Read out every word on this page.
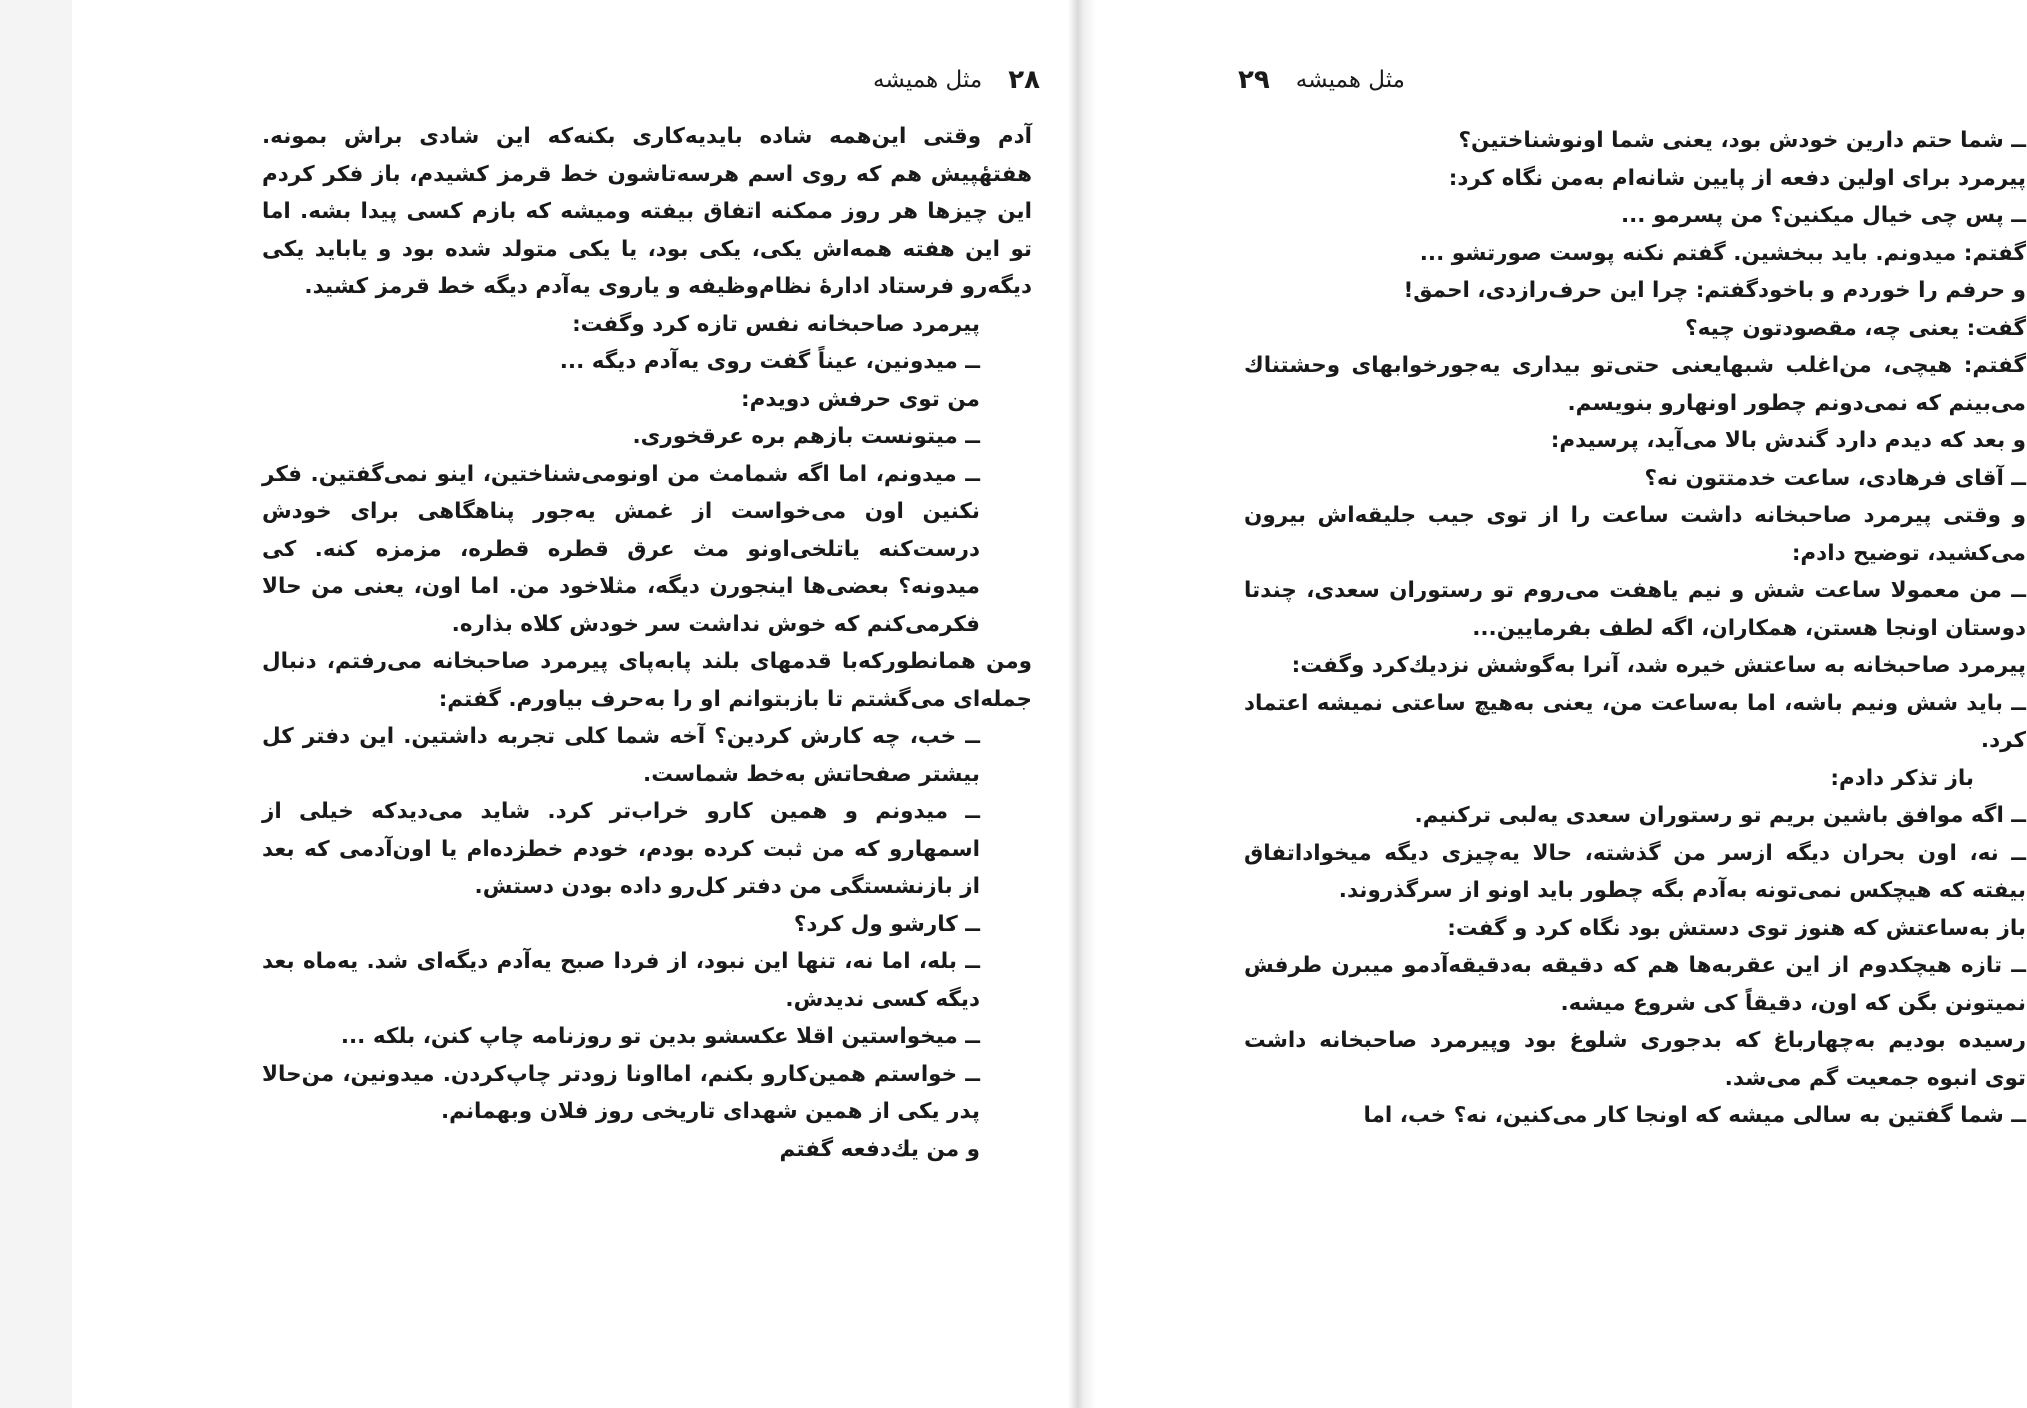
۲۸
مثل همیشه

آدم وقتی این‌همه شاده بایدیه‌کاری بکنه‌که این شادی براش بمونه. هفتهٔپیش هم که روی اسم هرسه‌تاشون خط قرمز کشیدم، باز فکر کردم این چیزها هر روز ممکنه اتفاق بیفته ومیشه که بازم کسی پیدا بشه. اما تو این هفته همه‌اش یکی، یکی بود، یا یکی متولد شده بود و یاباید یکی دیگه‌رو فرستاد ادارهٔ نظام‌وظیفه و یاروی یه‌آدم دیگه خط قرمز کشید.

پیرمرد صاحبخانه نفس تازه کرد وگفت:

ــ میدونین، عیناً گفت روی یه‌آدم دیگه ...

من توی حرفش دویدم:

ــ میتونست بازهم بره عرقخوری.

ــ میدونم، اما اگه شمامث من اونومی‌شناختین، اینو نمی‌گفتین. فکر نکنین اون می‌خواست از غمش یه‌جور پناهگاهی برای خودش درست‌کنه یاتلخی‌اونو مث عرق قطره قطره، مزمزه کنه. کی میدونه؟ بعضی‌ها اینجورن دیگه، مثلاخود من. اما اون، یعنی من حالا فکرمی‌کنم که خوش نداشت سر خودش کلاه بذاره.

ومن همانطورکه‌با قدمهای بلند پابه‌پای پیرمرد صاحبخانه می‌رفتم، دنبال جمله‌ای می‌گشتم تا بازبتوانم او را بەحرف بیاورم. گفتم:

ــ خب، چه کارش کردین؟ آخه شما کلی تجربه داشتین. این دفتر کل بیشتر صفحاتش به‌خط شماست.

ــ میدونم و همین کارو خراب‌تر کرد. شاید می‌دیدکه خیلی از اسمهارو که من ثبت کرده بودم، خودم خطزده‌ام یا اون‌آدمی که بعد از بازنشستگی من دفتر کل‌رو داده بودن دستش.

ــ کارشو ول کرد؟

ــ بله، اما نه، تنها این نبود، از فردا صبح یه‌آدم دیگه‌ای شد. یەماه بعد دیگه کسی ندیدش.

ــ میخواستین اقلا عکسشو بدین تو روزنامه چاپ کنن، بلکه ...

ــ خواستم همین‌کارو بکنم، امااونا زودتر چاپ‌کردن. میدونین، من‌حالا پدر یکی از همین شهدای تاریخی روز فلان وبهمانم.

و من یك‌دفعه گفتم

مثل همیشه
۲۹

ــ شما حتم دارین خودش بود، یعنی شما اونوشناختین؟

پیرمرد برای اولین دفعه از پایین شانه‌ام بەمن نگاه کرد:

ــ پس چی خیال میکنین؟ من پسرمو ...

گفتم: میدونم. باید ببخشین. گفتم نکنه پوست صورتشو ...

و حرفم را خوردم و باخودگفتم: چرا این حرف‌رازدی، احمق!

گفت: یعنی چه، مقصودتون چیه؟

گفتم: هیچی، من‌اغلب شبهایعنی حتی‌تو بیداری یه‌جورخوابهای وحشتناك می‌بینم که نمی‌دونم چطور اونهارو بنویسم.

و بعد که دیدم دارد گندش بالا می‌آید، پرسیدم:

ــ آقای فرهادی، ساعت خدمتتون نه؟

و وقتی پیرمرد صاحبخانه داشت ساعت را از توی جیب جلیقه‌اش بیرون می‌کشید، توضیح دادم:

ــ من معمولا ساعت شش و نیم یاهفت می‌روم تو رستوران سعدی، چندتا دوستان اونجا هستن، همکاران، اگه لطف بفرمایین...

پیرمرد صاحبخانه به ساعتش خیره شد، آنرا بەگوشش نزدیك‌کرد وگفت:

ــ باید شش ونیم باشه، اما بەساعت من، یعنی بەهیچ ساعتی نمیشه اعتماد کرد.

باز تذکر دادم:

ــ اگه موافق باشین بریم تو رستوران سعدی یەلبی ترکنیم.

ــ نه، اون بحران دیگه ازسر من گذشته، حالا یه‌چیزی دیگه میخواداتفاق بیفته که هیچکس نمی‌تونه بەآدم بگه چطور باید اونو از سرگذروند.

باز بەساعتش که هنوز توی دستش بود نگاه کرد و گفت:

ــ تازه هیچکدوم از این عقربەها هم که دقیقه بەدقیقه‌آدمو میبرن طرفش نمیتونن بگن که اون، دقیقاً کی شروع میشه.

رسیده بودیم بەچهارباغ که بدجوری شلوغ بود وپیرمرد صاحبخانه داشت توی انبوه جمعیت گم می‌شد.

ــ شما گفتین به سالی میشه که اونجا کار می‌کنین، نه؟ خب، اما
